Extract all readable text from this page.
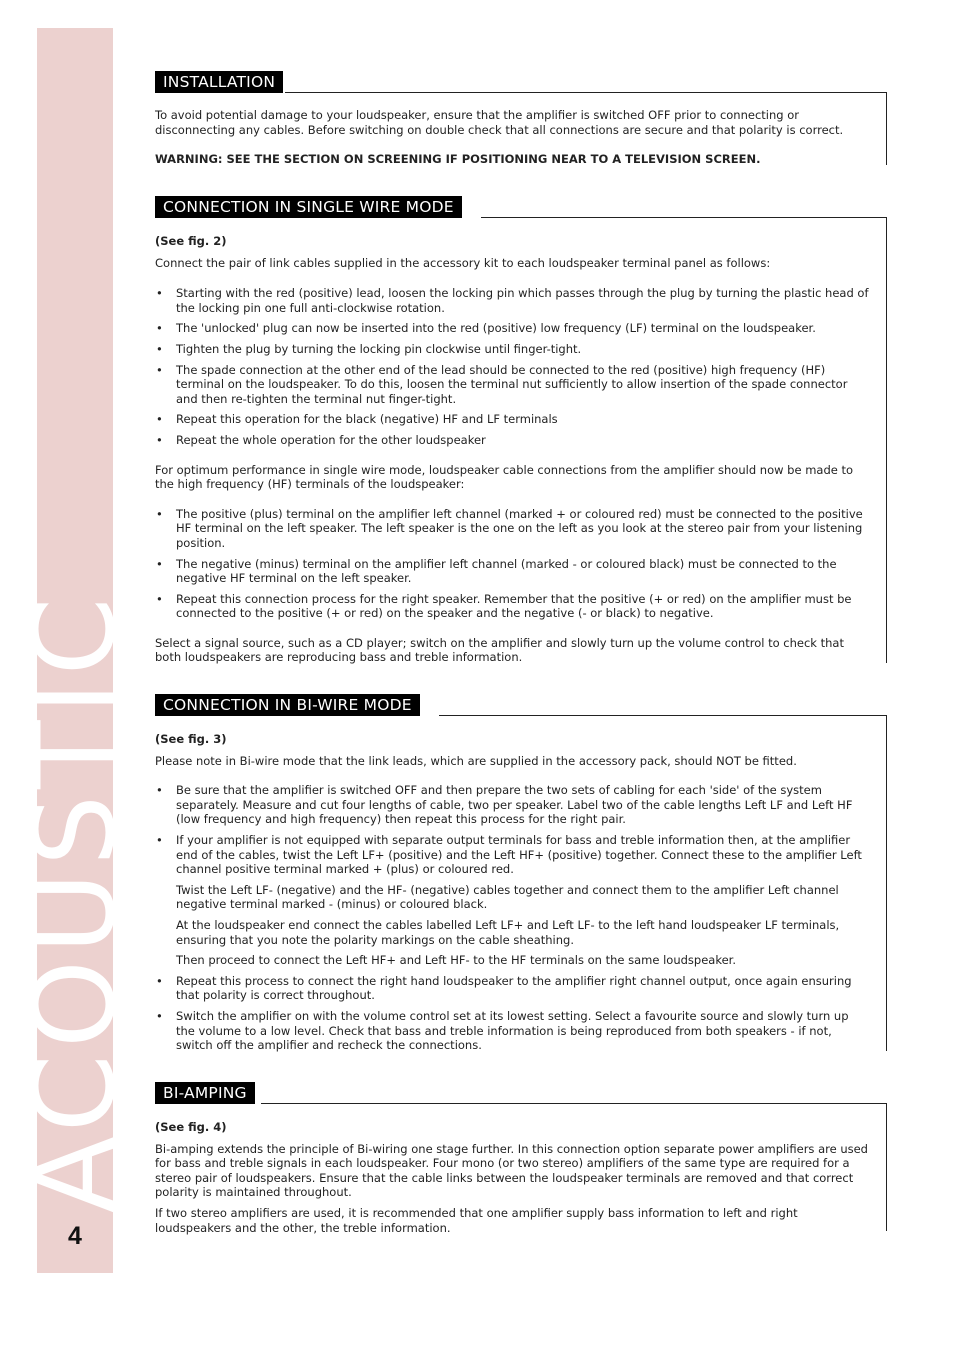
ACOUSTIC
4
INSTALLATION

To avoid potential damage to your loudspeaker, ensure that the amplifier is switched OFF prior to connecting or disconnecting any cables. Before switching on double check that all connections are secure and that polarity is correct.

WARNING: SEE THE SECTION ON SCREENING IF POSITIONING NEAR TO A TELEVISION SCREEN.

CONNECTION IN SINGLE WIRE MODE

(See fig. 2)

Connect the pair of link cables supplied in the accessory kit to each loudspeaker terminal panel as follows:

• Starting with the red (positive) lead, loosen the locking pin which passes through the plug by turning the plastic head of the locking pin one full anti-clockwise rotation.
• The 'unlocked' plug can now be inserted into the red (positive) low frequency (LF) terminal on the loudspeaker.
• Tighten the plug by turning the locking pin clockwise until finger-tight.
• The spade connection at the other end of the lead should be connected to the red (positive) high frequency (HF) terminal on the loudspeaker. To do this, loosen the terminal nut sufficiently to allow insertion of the spade connector and then re-tighten the terminal nut finger-tight.
• Repeat this operation for the black (negative) HF and LF terminals
• Repeat the whole operation for the other loudspeaker

For optimum performance in single wire mode, loudspeaker cable connections from the amplifier should now be made to the high frequency (HF) terminals of the loudspeaker:

• The positive (plus) terminal on the amplifier left channel (marked + or coloured red) must be connected to the positive HF terminal on the left speaker. The left speaker is the one on the left as you look at the stereo pair from your listening position.
• The negative (minus) terminal on the amplifier left channel (marked - or coloured black) must be connected to the negative HF terminal on the left speaker.
• Repeat this connection process for the right speaker. Remember that the positive (+ or red) on the amplifier must be connected to the positive (+ or red) on the speaker and the negative (- or black) to negative.

Select a signal source, such as a CD player; switch on the amplifier and slowly turn up the volume control to check that both loudspeakers are reproducing bass and treble information.

CONNECTION IN BI-WIRE MODE

(See fig. 3)

Please note in Bi-wire mode that the link leads, which are supplied in the accessory pack, should NOT be fitted.

• Be sure that the amplifier is switched OFF and then prepare the two sets of cabling for each 'side' of the system separately. Measure and cut four lengths of cable, two per speaker. Label two of the cable lengths Left LF and Left HF (low frequency and high frequency) then repeat this process for the right pair.
• If your amplifier is not equipped with separate output terminals for bass and treble information then, at the amplifier end of the cables, twist the Left LF+ (positive) and the Left HF+ (positive) together. Connect these to the amplifier Left channel positive terminal marked + (plus) or coloured red.
Twist the Left LF- (negative) and the HF- (negative) cables together and connect them to the amplifier Left channel negative terminal marked - (minus) or coloured black.
At the loudspeaker end connect the cables labelled Left LF+ and Left LF- to the left hand loudspeaker LF terminals, ensuring that you note the polarity markings on the cable sheathing.
Then proceed to connect the Left HF+ and Left HF- to the HF terminals on the same loudspeaker.
• Repeat this process to connect the right hand loudspeaker to the amplifier right channel output, once again ensuring that polarity is correct throughout.
• Switch the amplifier on with the volume control set at its lowest setting. Select a favourite source and slowly turn up the volume to a low level. Check that bass and treble information is being reproduced from both speakers - if not, switch off the amplifier and recheck the connections.
BI-AMPING

(See fig. 4)

Bi-amping extends the principle of Bi-wiring one stage further. In this connection option separate power amplifiers are used for bass and treble signals in each loudspeaker. Four mono (or two stereo) amplifiers of the same type are required for a stereo pair of loudspeakers. Ensure that the cable links between the loudspeaker terminals are removed and that correct polarity is maintained throughout.

If two stereo amplifiers are used, it is recommended that one amplifier supply bass information to left and right loudspeakers and the other, the treble information.
